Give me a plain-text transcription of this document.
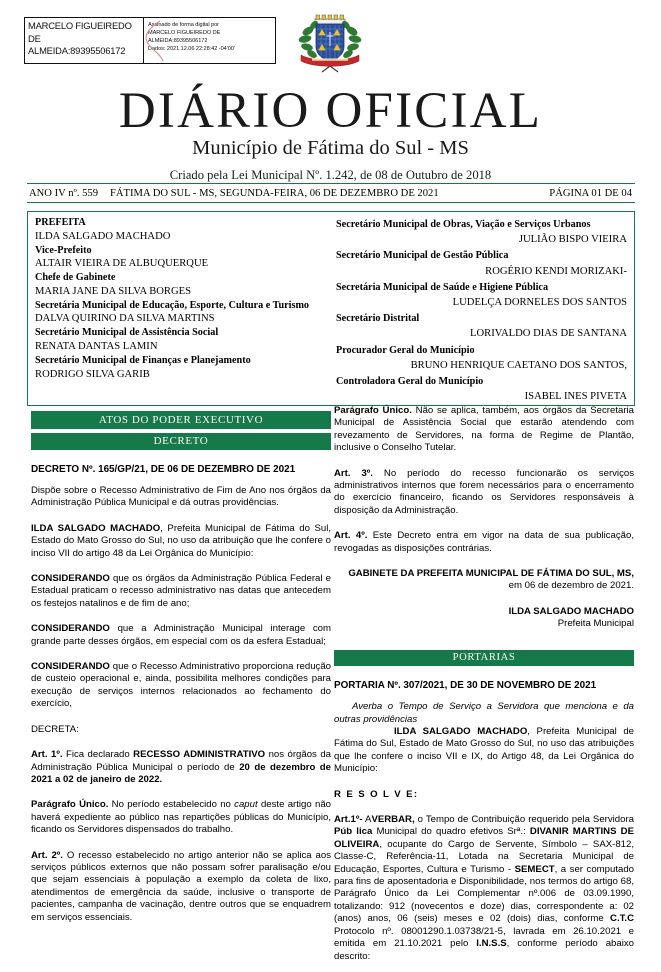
MARCELO FIGUEIREDO
DE
ALMEIDA:89395506172
Assinado de forma digital por
MARCELO FIGUEIREDO DE
ALMEIDA:89395506172
Dados: 2021.12.06 22:28:42 -04'00'
DIÁRIO OFICIAL
Município de Fátima do Sul - MS
Criado pela Lei Municipal Nº. 1.242, de 08 de Outubro de 2018
ANO IV nº. 559	FÁTIMA DO SUL - MS, SEGUNDA-FEIRA, 06 DE DEZEMBRO DE 2021	PÁGINA 01 DE 04
PREFEITA
ILDA SALGADO MACHADO
Vice-Prefeito
ALTAIR VIEIRA DE ALBUQUERQUE
Chefe de Gabinete
MARIA JANE DA SILVA BORGES
Secretária Municipal de Educação, Esporte, Cultura e Turismo
DALVA QUIRINO DA SILVA MARTINS
Secretário Municipal de Assistência Social
RENATA DANTAS LAMIN
Secretário Municipal de Finanças e Planejamento
RODRIGO SILVA GARIB
Secretário Municipal de Obras, Viação e Serviços Urbanos
JULIÃO BISPO VIEIRA
Secretário Municipal de Gestão Pública
ROGÉRIO KENDI MORIZAKI-
Secretária Municipal de Saúde e Higiene Pública
LUDELÇA DORNELES DOS SANTOS
Secretário Distrital
LORIVALDO DIAS DE SANTANA
Procurador Geral do Município
BRUNO HENRIQUE CAETANO DOS SANTOS,
Controladora Geral do Município
ISABEL INES PIVETA
ATOS DO PODER EXECUTIVO
DECRETO

DECRETO Nº. 165/GP/21, DE 06 DE DEZEMBRO DE 2021

Dispõe sobre o Recesso Administrativo de Fim de Ano nos órgãos da Administração Pública Municipal e dá outras providências.

ILDA SALGADO MACHADO, Prefeita Municipal de Fátima do Sul, Estado do Mato Grosso do Sul, no uso da atribuição que lhe confere o inciso VII do artigo 48 da Lei Orgânica do Município:

CONSIDERANDO que os órgãos da Administração Pública Federal e Estadual praticam o recesso administrativo nas datas que antecedem os festejos natalinos e de fim de ano;

CONSIDERANDO que a Administração Municipal interage com grande parte desses órgãos, em especial com os da esfera Estadual;

CONSIDERANDO que o Recesso Administrativo proporciona redução de custeio operacional e, ainda, possibilita melhores condições para execução de serviços internos relacionados ao fechamento do exercício,

DECRETA:

Art. 1º. Fica declarado RECESSO ADMINISTRATIVO nos órgãos da Administração Pública Municipal o período de 20 de dezembro de 2021 a 02 de janeiro de 2022.

Parágrafo Único. No período estabelecido no caput deste artigo não haverá expediente ao público nas repartições públicas do Município, ficando os Servidores dispensados do trabalho.

Art. 2º. O recesso estabelecido no artigo anterior não se aplica aos serviços públicos externos que não possam sofrer paralisação e/ou que sejam essenciais à população a exemplo da coleta de lixo, atendimentos de emergência da saúde, inclusive o transporte de pacientes, campanha de vacinação, dentre outros que se enquadrem em serviços essenciais.

Parágrafo Único. Não se aplica, também, aos órgãos da Secretaria Municipal de Assistência Social que estarão atendendo com revezamento de Servidores, na forma de Regime de Plantão, inclusive o Conselho Tutelar.

Art. 3º. No período do recesso funcionarão os serviços administrativos internos que forem necessários para o encerramento do exercício financeiro, ficando os Servidores responsáveis à disposição da Administração.

Art. 4º. Este Decreto entra em vigor na data de sua publicação, revogadas as disposições contrárias.

GABINETE DA PREFEITA MUNICIPAL DE FÁTIMA DO SUL, MS, em 06 de dezembro de 2021.

ILDA SALGADO MACHADO

Prefeita Municipal

PORTARIAS

PORTARIA Nº. 307/2021, DE 30 DE NOVEMBRO DE 2021

Averba o Tempo de Serviço a Servidora que menciona e da outras providências

ILDA SALGADO MACHADO, Prefeita Municipal de Fátima do Sul, Estado de Mato Grosso do Sul, no uso das atribuições que lhe confere o inciso VII e IX, do Artigo 48, da Lei Orgânica do Município:

R E S O L V E:

Art.1º- AVERBAR, o Tempo de Contribuição requerido pela Servidora Púb lica Municipal do quadro efetivos Srª.: DIVANIR MARTINS DE OLIVEIRA, ocupante do Cargo de Servente, Símbolo – SAX-812, Classe-C, Referência-11, Lotada na Secretaria Municipal de Educação, Esportes, Cultura e Turismo - SEMECT, a ser computado para fins de aposentadoria e Disponibilidade, nos termos do artigo 68, Parágrafo Único da Lei Complementar nº.006 de 03.09.1990, totalizando: 912 (novecentos e doze) dias, correspondente a: 02 (anos) anos, 06 (seis) meses e 02 (dois) dias, conforme C.T.C Protocolo nº. 08001290.1.03738/21-5, lavrada em 26.10.2021 e emitida em 21.10.2021 pelo I.N.S.S, conforme período abaixo descrito:
